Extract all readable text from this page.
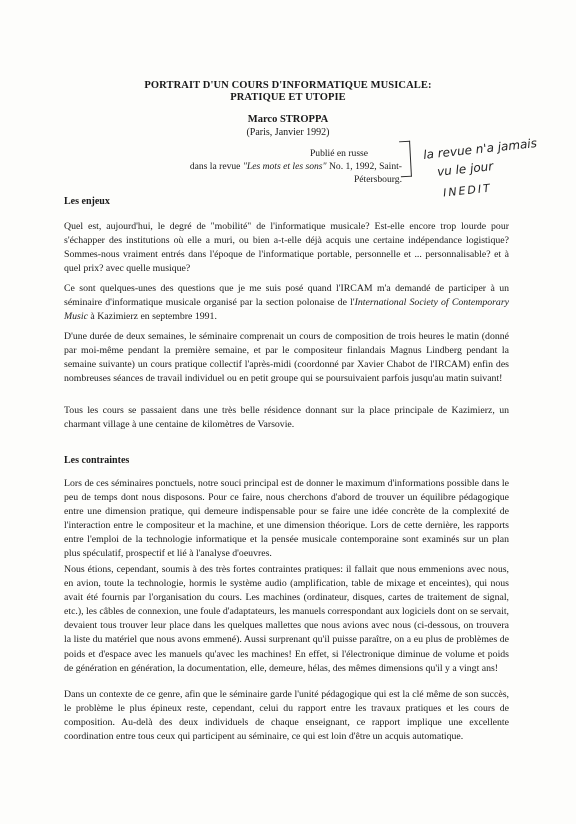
PORTRAIT D'UN COURS D'INFORMATIQUE MUSICALE:
PRATIQUE ET UTOPIE
Marco STROPPA
(Paris, Janvier 1992)
Publié en russe
dans la revue "Les mots et les sons" No. 1, 1992, Saint-Pétersbourg.
la revue n'a jamais
vu le jour
INEDIT
Les enjeux
Quel est, aujourd'hui, le degré de "mobilité" de l'informatique musicale? Est-elle encore trop lourde pour s'échapper des institutions où elle a muri, ou bien a-t-elle déjà acquis une certaine indépendance logistique? Sommes-nous vraiment entrés dans l'époque de l'informatique portable, personnelle et ... personnalisable? et à quel prix? avec quelle musique?
Ce sont quelques-unes des questions que je me suis posé quand l'IRCAM m'a demandé de participer à un séminaire d'informatique musicale organisé par la section polonaise de l'International Society of Contemporary Music à Kazimierz en septembre 1991.
D'une durée de deux semaines, le séminaire comprenait un cours de composition de trois heures le matin (donné par moi-même pendant la première semaine, et par le compositeur finlandais Magnus Lindberg pendant la semaine suivante) un cours pratique collectif l'après-midi (coordonné par Xavier Chabot de l'IRCAM) enfin des nombreuses séances de travail individuel ou en petit groupe qui se poursuivaient parfois jusqu'au matin suivant!
Tous les cours se passaient dans une très belle résidence donnant sur la place principale de Kazimierz, un charmant village à une centaine de kilomètres de Varsovie.
Les contraintes
Lors de ces séminaires ponctuels, notre souci principal est de donner le maximum d'informations possible dans le peu de temps dont nous disposons. Pour ce faire, nous cherchons d'abord de trouver un équilibre pédagogique entre une dimension pratique, qui demeure indispensable pour se faire une idée concrète de la complexité de l'interaction entre le compositeur et la machine, et une dimension théorique. Lors de cette dernière, les rapports entre l'emploi de la technologie informatique et la pensée musicale contemporaine sont examinés sur un plan plus spéculatif, prospectif et lié à l'analyse d'oeuvres.
Nous étions, cependant, soumis à des très fortes contraintes pratiques: il fallait que nous emmenions avec nous, en avion, toute la technologie, hormis le système audio (amplification, table de mixage et enceintes), qui nous avait été fournis par l'organisation du cours. Les machines (ordinateur, disques, cartes de traitement de signal, etc.), les câbles de connexion, une foule d'adaptateurs, les manuels correspondant aux logiciels dont on se servait, devaient tous trouver leur place dans les quelques mallettes que nous avions avec nous (ci-dessous, on trouvera la liste du matériel que nous avons emmené). Aussi surprenant qu'il puisse paraître, on a eu plus de problèmes de poids et d'espace avec les manuels qu'avec les machines! En effet, si l'électronique diminue de volume et poids de génération en génération, la documentation, elle, demeure, hélas, des mêmes dimensions qu'il y a vingt ans!
Dans un contexte de ce genre, afin que le séminaire garde l'unité pédagogique qui est la clé même de son succès, le problème le plus épineux reste, cependant, celui du rapport entre les travaux pratiques et les cours de composition. Au-delà des deux individuels de chaque enseignant, ce rapport implique une excellente coordination entre tous ceux qui participent au séminaire, ce qui est loin d'être un acquis automatique.
